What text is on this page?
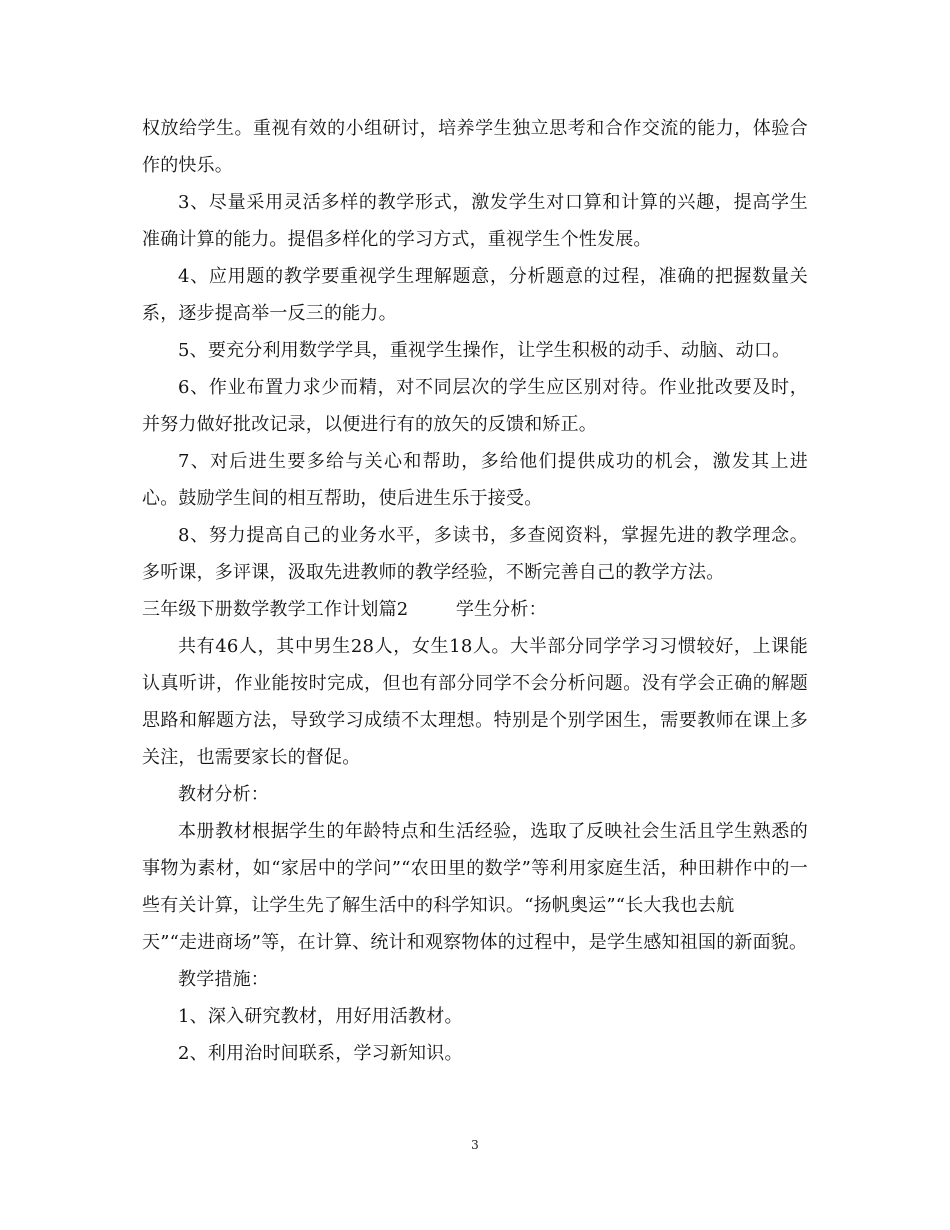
权放给学生。重视有效的小组研讨，培养学生独立思考和合作交流的能力，体验合作的快乐。

3、尽量采用灵活多样的教学形式，激发学生对口算和计算的兴趣，提高学生准确计算的能力。提倡多样化的学习方式，重视学生个性发展。

4、应用题的教学要重视学生理解题意，分析题意的过程，准确的把握数量关系，逐步提高举一反三的能力。

5、要充分利用数学学具，重视学生操作，让学生积极的动手、动脑、动口。

6、作业布置力求少而精，对不同层次的学生应区别对待。作业批改要及时，并努力做好批改记录，以便进行有的放矢的反馈和矫正。

7、对后进生要多给与关心和帮助，多给他们提供成功的机会，激发其上进心。鼓励学生间的相互帮助，使后进生乐于接受。

8、努力提高自己的业务水平，多读书，多查阅资料，掌握先进的教学理念。多听课，多评课，汲取先进教师的教学经验，不断完善自己的教学方法。

三年级下册数学教学工作计划篇2	学生分析：

共有46人，其中男生28人，女生18人。大半部分同学学习习惯较好，上课能认真听讲，作业能按时完成，但也有部分同学不会分析问题。没有学会正确的解题思路和解题方法，导致学习成绩不太理想。特别是个别学困生，需要教师在课上多关注，也需要家长的督促。

教材分析：

本册教材根据学生的年龄特点和生活经验，选取了反映社会生活且学生熟悉的事物为素材，如“家居中的学问”“农田里的数学”等利用家庭生活，种田耕作中的一些有关计算，让学生先了解生活中的科学知识。“扬帆奥运”“长大我也去航

天”“走进商场”等，在计算、统计和观察物体的过程中，是学生感知祖国的新面貌。

教学措施：

1、深入研究教材，用好用活教材。

2、利用治时间联系，学习新知识。

3
